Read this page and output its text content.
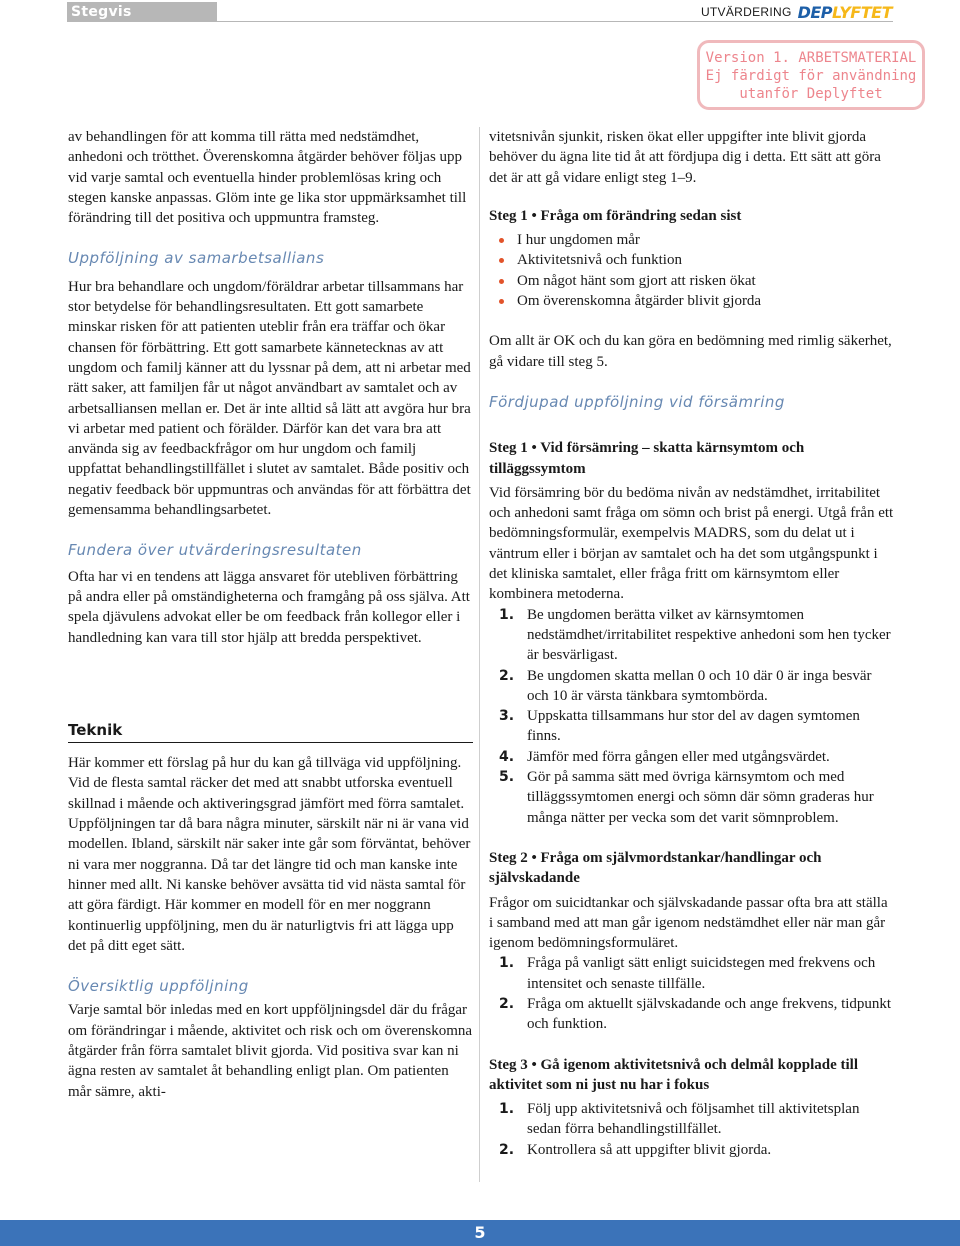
Stegvis uppföljning
UTVÄRDERING DEPLYFTET
Version 1. ARBETSMATERIAL
Ej färdigt för användning
utanför Deplyftet

av behandlingen för att komma till rätta med nedstämdhet, anhedoni och trötthet. Överenskomna åtgärder behöver följas upp vid varje samtal och eventuella hinder problemlösas kring och stegen kanske anpassas. Glöm inte ge lika stor uppmärksamhet till förändring till det positiva och uppmuntra framsteg.

Uppföljning av samarbetsallians

Hur bra behandlare och ungdom/föräldrar arbetar tillsammans har stor betydelse för behandlingsresultaten. Ett gott samarbete minskar risken för att patienten uteblir från era träffar och ökar chansen för förbättring. Ett gott samarbete kännetecknas av att ungdom och familj känner att du lyssnar på dem, att ni arbetar med rätt saker, att familjen får ut något användbart av samtalet och av arbetsalliansen mellan er. Det är inte alltid så lätt att avgöra hur bra vi arbetar med patient och förälder. Därför kan det vara bra att använda sig av feedbackfrågor om hur ungdom och familj uppfattat behandlingstillfället i slutet av samtalet. Både positiv och negativ feedback bör uppmuntras och användas för att förbättra det gemensamma behandlingsarbetet.

Fundera över utvärderingsresultaten

Ofta har vi en tendens att lägga ansvaret för utebliven förbättring på andra eller på omständigheterna och framgång på oss själva. Att spela djävulens advokat eller be om feedback från kollegor eller i handledning kan vara till stor hjälp att bredda perspektivet.

Teknik

Här kommer ett förslag på hur du kan gå tillväga vid uppföljning. Vid de flesta samtal räcker det med att snabbt utforska eventuell skillnad i mående och aktiveringsgrad jämfört med förra samtalet. Uppföljningen tar då bara några minuter, särskilt när ni är vana vid modellen. Ibland, särskilt när saker inte går som förväntat, behöver ni vara mer noggranna. Då tar det längre tid och man kanske inte hinner med allt. Ni kanske behöver avsätta tid vid nästa samtal för att göra färdigt. Här kommer en modell för en mer noggrann kontinuerlig uppföljning, men du är naturligtvis fri att lägga upp det på ditt eget sätt.

Översiktlig uppföljning

Varje samtal bör inledas med en kort uppföljningsdel där du frågar om förändringar i mående, aktivitet och risk och om överenskomna åtgärder från förra samtalet blivit gjorda. Vid positiva svar kan ni ägna resten av samtalet åt behandling enligt plan. Om patienten mår sämre, akti-

vitetsnivån sjunkit, risken ökat eller uppgifter inte blivit gjorda behöver du ägna lite tid åt att fördjupa dig i detta. Ett sätt att göra det är att gå vidare enligt steg 1–9.

Steg 1 • Fråga om förändring sedan sist

I hur ungdomen mår
Aktivitetsnivå och funktion
Om något hänt som gjort att risken ökat
Om överenskomna åtgärder blivit gjorda

Om allt är OK och du kan göra en bedömning med rimlig säkerhet, gå vidare till steg 5.

Fördjupad uppföljning vid försämring

Steg 1 • Vid försämring – skatta kärnsymtom och tilläggssymtom

Vid försämring bör du bedöma nivån av nedstämdhet, irritabilitet och anhedoni samt fråga om sömn och brist på energi. Utgå från ett bedömningsformulär, exempelvis MADRS, som du delat ut i väntrum eller i början av samtalet och ha det som utgångspunkt i det kliniska samtalet, eller fråga fritt om kärnsymtom eller kombinera metoderna.

1. Be ungdomen berätta vilket av kärnsymtomen nedstämdhet/irritabilitet respektive anhedoni som hen tycker är besvärligast.
2. Be ungdomen skatta mellan 0 och 10 där 0 är inga besvär och 10 är värsta tänkbara symtombörda.
3. Uppskatta tillsammans hur stor del av dagen symtomen finns.
4. Jämför med förra gången eller med utgångsvärdet.
5. Gör på samma sätt med övriga kärnsymtom och med tilläggssymtomen energi och sömn där sömn graderas hur många nätter per vecka som det varit sömnproblem.

Steg 2 • Fråga om självmordstankar/handlingar och självskadande

Frågor om suicidtankar och självskadande passar ofta bra att ställa i samband med att man går igenom nedstämdhet eller när man går igenom bedömningsformuläret.

1. Fråga på vanligt sätt enligt suicidstegen med frekvens och intensitet och senaste tillfälle.
2. Fråga om aktuellt självskadande och ange frekvens, tidpunkt och funktion.

Steg 3 • Gå igenom aktivitetsnivå och delmål kopplade till aktivitet som ni just nu har i fokus

1. Följ upp aktivitetsnivå och följsamhet till aktivitetsplan sedan förra behandlingstillfället.
2. Kontrollera så att uppgifter blivit gjorda.
5
